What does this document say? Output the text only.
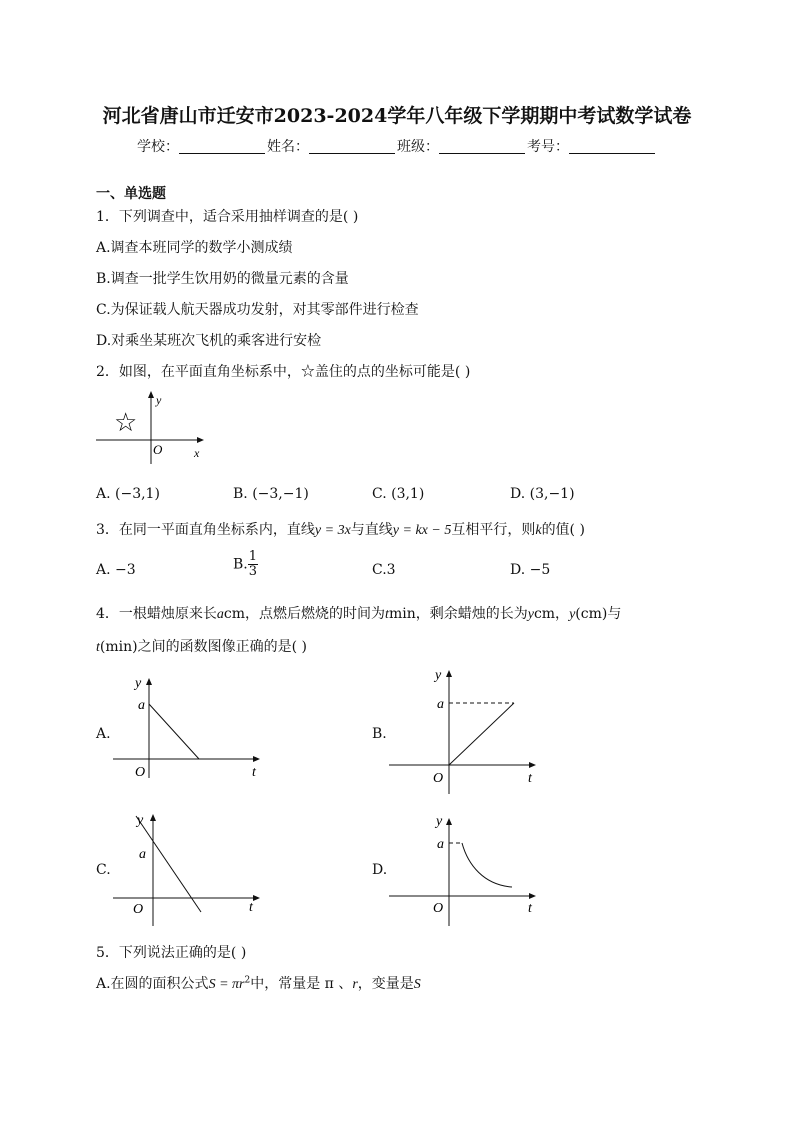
河北省唐山市迁安市2023-2024学年八年级下学期期中考试数学试卷
学校：	姓名：	班级：	考号：
一、单选题
1．下列调查中，适合采用抽样调查的是( )
A.调查本班同学的数学小测成绩
B.调查一批学生饮用奶的微量元素的含量
C.为保证载人航天器成功发射，对其零部件进行检查
D.对乘坐某班次飞机的乘客进行安检
2．如图，在平面直角坐标系中，☆盖住的点的坐标可能是( )
y
O	x
☆
A. (−3,1)	B. (−3,−1)	C. (3,1)	D. (3,−1)
3．在同一平面直角坐标系内，直线y = 3x与直线y = kx − 5互相平行，则k的值( )
A. −3	B. $\frac{1}{3}$	C.3	D. −5
4．一根蜡烛原来长acm，点燃后燃烧的时间为tmin，剩余蜡烛的长为ycm，y(cm)与
t(min)之间的函数图像正确的是( )
A.
y
a
O	t
B.
y
a
O	t
C.
y
a
O	t
D.
y
a
O	t
5．下列说法正确的是( )
A.在圆的面积公式$S = \pi r^2$中，常量是 π 、r，变量是S
